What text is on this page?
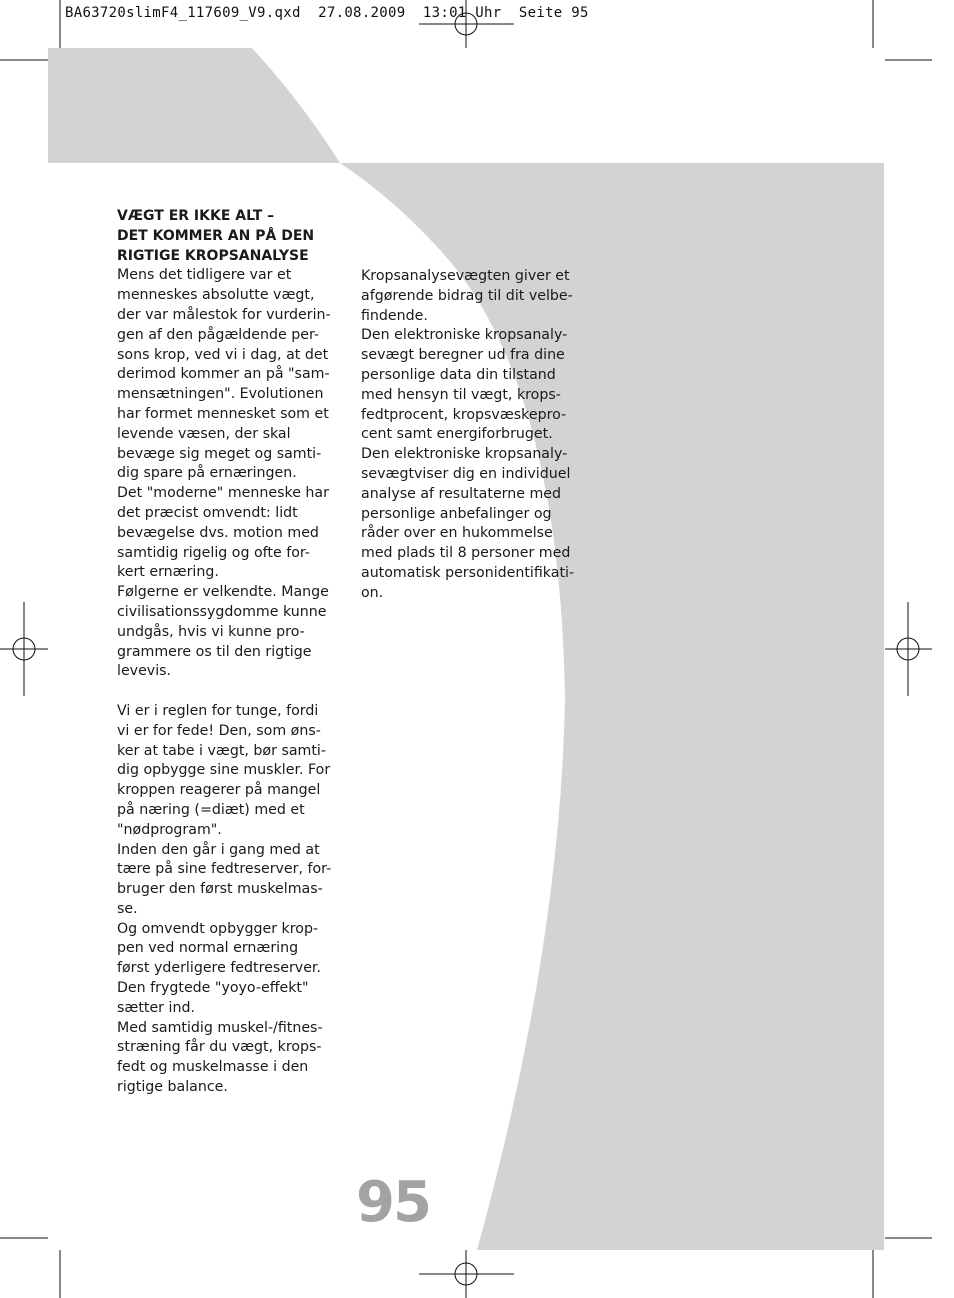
BA63720slimF4_117609_V9.qxd  27.08.2009  13:01 Uhr  Seite 95
VÆGT ER IKKE ALT –
DET KOMMER AN PÅ DEN
RIGTIGE KROPSANALYSE
Mens det tidligere var et
menneskes absolutte vægt,
der var målestok for vurderin-
gen af den pågældende per-
sons krop, ved vi i dag, at det
derimod kommer an på "sam-
mensætningen". Evolutionen
har formet mennesket som et
levende væsen, der skal
bevæge sig meget og samti-
dig spare på ernæringen.
Det "moderne" menneske har
det præcist omvendt: lidt
bevægelse dvs. motion med
samtidig rigelig og ofte for-
kert ernæring.
Følgerne er velkendte. Mange
civilisationssygdomme kunne
undgås, hvis vi kunne pro-
grammere os til den rigtige
levevis.
Vi er i reglen for tunge, fordi
vi er for fede! Den, som øns-
ker at tabe i vægt, bør samti-
dig opbygge sine muskler. For
kroppen reagerer på mangel
på næring (=diæt) med et
"nødprogram".
Inden den går i gang med at
tære på sine fedtreserver, for-
bruger den først muskelmas-
se.
Og omvendt opbygger krop-
pen ved normal ernæring
først yderligere fedtreserver.
Den frygtede "yoyo-effekt"
sætter ind.
Med samtidig muskel-/fitnes-
stræning får du vægt, krops-
fedt og muskelmasse i den
rigtige balance.
Kropsanalysevægten giver et
afgørende bidrag til dit velbe-
findende.
Den elektroniske kropsanaly-
sevægt beregner ud fra dine
personlige data din tilstand
med hensyn til vægt, krops-
fedtprocent, kropsvæskepro-
cent samt energiforbruget.
Den elektroniske kropsanaly-
sevægtviser dig en individuel
analyse af resultaterne med
personlige anbefalinger og
råder over en hukommelse
med plads til 8 personer med
automatisk personidentifikati-
on.
95
